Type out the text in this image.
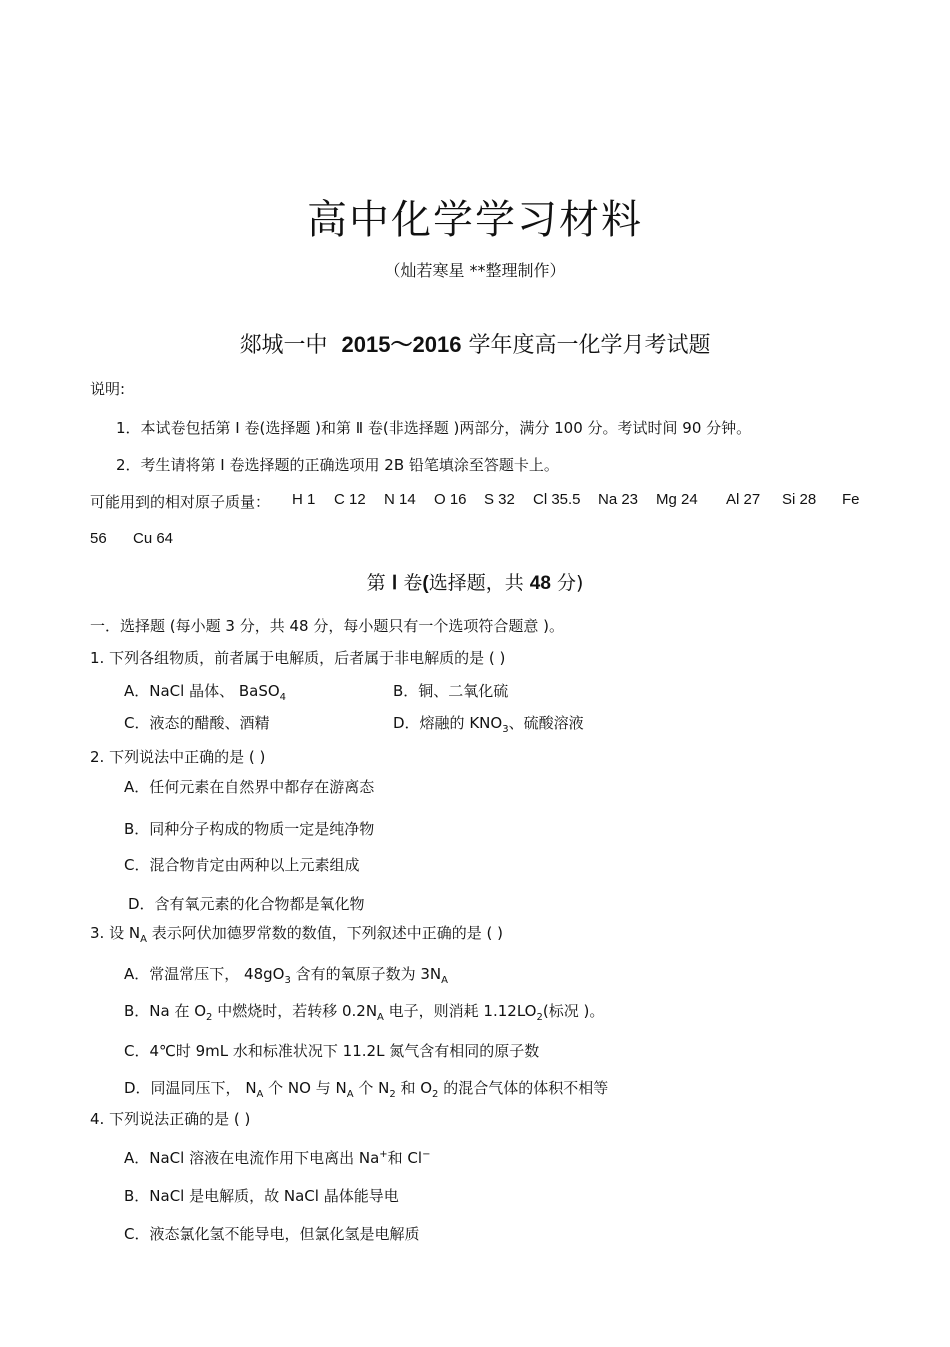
高中化学学习材料
（灿若寒星 **整理制作）
郯城一中 2015～2016 学年度高一化学月考试题
说明:
1．本试卷包括第 Ⅰ 卷(选择题 )和第 Ⅱ 卷(非选择题 )两部分，满分 100 分。考试时间 90 分钟。
2．考生请将第 Ⅰ 卷选择题的正确选项用 2B 铅笔填涂至答题卡上。
可能用到的相对原子质量： H 1 C 12 N 14 O 16 S 32 Cl 35.5 Na 23 Mg 24 Al 27 Si 28 Fe
56 Cu 64
第 Ⅰ 卷(选择题，共 48 分)
一．选择题 (每小题 3 分，共 48 分，每小题只有一个选项符合题意 )。
1. 下列各组物质，前者属于电解质，后者属于非电解质的是 ( )
A．NaCl 晶体、 BaSO$_4$	B．铜、二氧化硫
C．液态的醋酸、酒精	D．熔融的 $KNO_3$、硫酸溶液
2. 下列说法中正确的是 ( )
A．任何元素在自然界中都存在游离态
B．同种分子构成的物质一定是纯净物
C．混合物肯定由两种以上元素组成
D．含有氧元素的化合物都是氧化物
3. 设 $N_A$ 表示阿伏加德罗常数的数值，下列叙述中正确的是 ( )
A．常温常压下， $48gO_3$ 含有的氧原子数为 $3N_A$
B．Na 在 $O_2$ 中燃烧时，若转移 $0.2N_A$ 电子，则消耗 $1.12LO_2$(标况 )。
C．4℃时 9mL 水和标准状况下 11.2L 氮气含有相同的原子数
D．同温同压下， $N_A$ 个 NO 与 $N_A$ 个 $N_2$ 和 $O_2$ 的混合气体的体积不相等
4. 下列说法正确的是 ( )
A．NaCl 溶液在电流作用下电离出 Na+和 Cl−
B．NaCl 是电解质，故 NaCl 晶体能导电
C．液态氯化氢不能导电，但氯化氢是电解质
